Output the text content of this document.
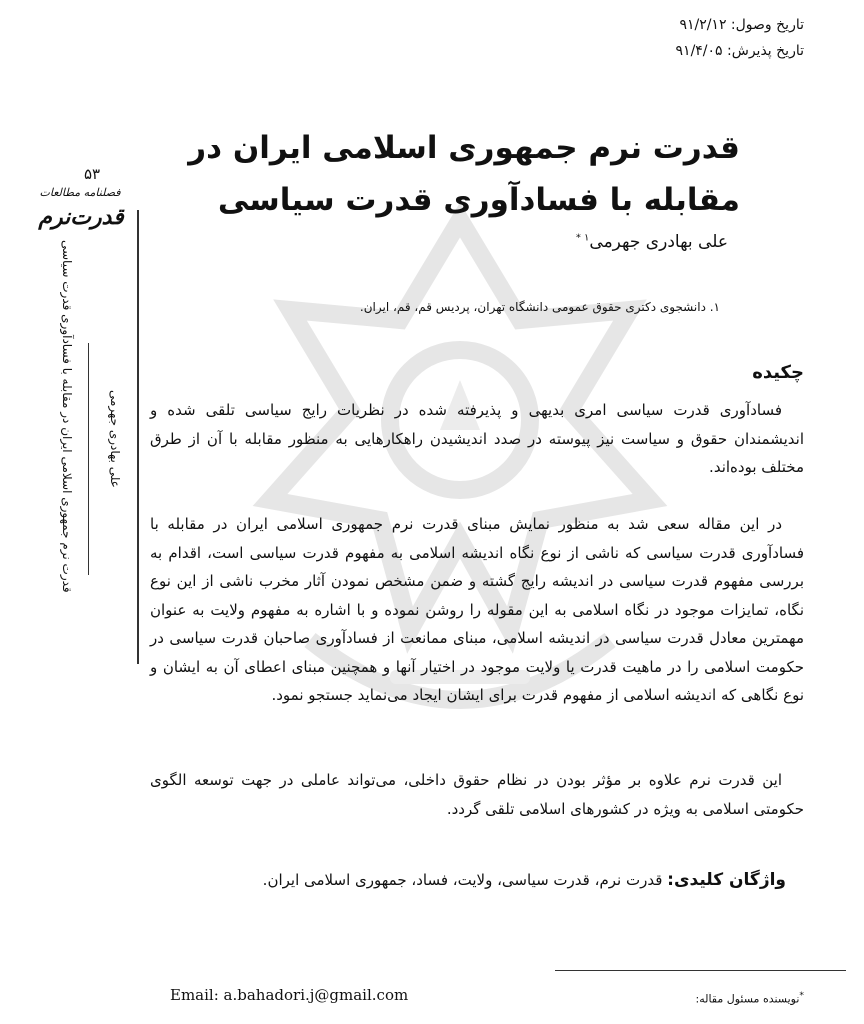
تاریخ وصول: ۹۱/۲/۱۲
تاریخ پذیرش: ۹۱/۴/۰۵
قدرت نرم جمهوری اسلامی ایران در
مقابله با فسادآوری قدرت سیاسی
علی بهادری جهرمی$^{۱ *}$
۱. دانشجوی دکتری حقوق عمومی دانشگاه تهران، پردیس قم، قم، ایران.
چکیده
فسادآوری قدرت سیاسی امری بدیهی و پذیرفته شده در نظریات رایج سیاسی تلقی شده و اندیشمندان حقوق و سیاست نیز پیوسته در صدد اندیشیدن راهکارهایی به منظور مقابله با آن از طرق مختلف بوده‌اند.
در این مقاله سعی شد به منظور نمایش مبنای قدرت نرم جمهوری اسلامی ایران در مقابله با فسادآوری قدرت سیاسی که ناشی از نوع نگاه اندیشه اسلامی به مفهوم قدرت سیاسی است، اقدام به بررسی مفهوم قدرت سیاسی در اندیشه رایج گشته و ضمن مشخص نمودن آثار مخرب ناشی از این نوع نگاه، تمایزات موجود در نگاه اسلامی به این مقوله را روشن نموده و با اشاره به مفهوم ولایت به عنوان مهمترین معادل قدرت سیاسی در اندیشه اسلامی، مبنای ممانعت از فسادآوری صاحبان قدرت سیاسی در حکومت اسلامی را در ماهیت قدرت یا ولایت موجود در اختیار آنها و همچنین مبنای اعطای آن به ایشان و نوع نگاهی که اندیشه اسلامی از مفهوم قدرت برای ایشان ایجاد می‌نماید جستجو نمود.
این قدرت نرم علاوه بر مؤثر بودن در نظام حقوق داخلی، می‌تواند عاملی در جهت توسعه الگوی حکومتی اسلامی به ویژه در کشورهای اسلامی تلقی گردد.
واژگان کلیدی: قدرت نرم، قدرت سیاسی، ولایت، فساد، جمهوری اسلامی ایران.
۵۳
فصلنامه مطالعات
قدرت‌نرم
قدرت نرم جمهوری اسلامی ایران در مقابله با فسادآوری قدرت سیاسی	علی بهادری جهرمی
Email: a.bahadori.j@gmail.com	*نویسنده مسئول مقاله:
